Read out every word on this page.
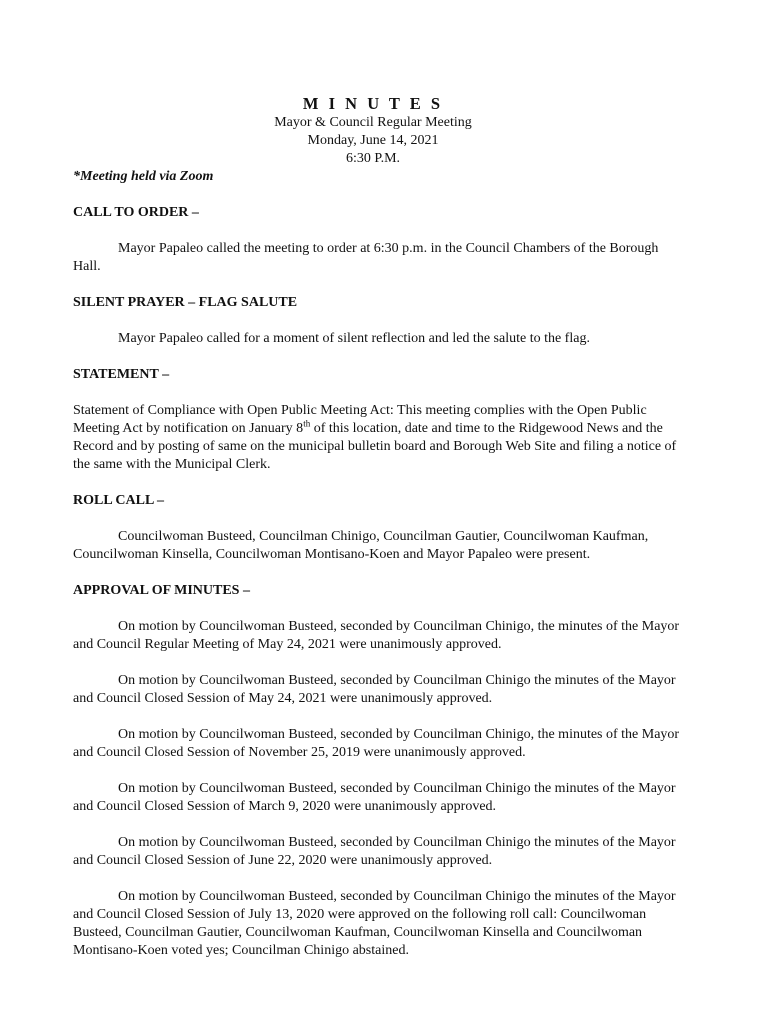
M I N U T E S
Mayor & Council Regular Meeting
Monday, June 14, 2021
6:30 P.M.
*Meeting held via Zoom
CALL TO ORDER –

Mayor Papaleo called the meeting to order at 6:30 p.m. in the Council Chambers of the Borough Hall.

SILENT PRAYER – FLAG SALUTE

Mayor Papaleo called for a moment of silent reflection and led the salute to the flag.

STATEMENT –

Statement of Compliance with Open Public Meeting Act: This meeting complies with the Open Public Meeting Act by notification on January 8th of this location, date and time to the Ridgewood News and the Record and by posting of same on the municipal bulletin board and Borough Web Site and filing a notice of the same with the Municipal Clerk.

ROLL CALL –

Councilwoman Busteed, Councilman Chinigo, Councilman Gautier, Councilwoman Kaufman, Councilwoman Kinsella, Councilwoman Montisano-Koen and Mayor Papaleo were present.

APPROVAL OF MINUTES –

On motion by Councilwoman Busteed, seconded by Councilman Chinigo, the minutes of the Mayor and Council Regular Meeting of May 24, 2021 were unanimously approved.

On motion by Councilwoman Busteed, seconded by Councilman Chinigo the minutes of the Mayor and Council Closed Session of May 24, 2021 were unanimously approved.

On motion by Councilwoman Busteed, seconded by Councilman Chinigo, the minutes of the Mayor and Council Closed Session of November 25, 2019 were unanimously approved.

On motion by Councilwoman Busteed, seconded by Councilman Chinigo the minutes of the Mayor and Council Closed Session of March 9, 2020 were unanimously approved.

On motion by Councilwoman Busteed, seconded by Councilman Chinigo the minutes of the Mayor and Council Closed Session of June 22, 2020 were unanimously approved.

On motion by Councilwoman Busteed, seconded by Councilman Chinigo the minutes of the Mayor and Council Closed Session of July 13, 2020 were approved on the following roll call: Councilwoman Busteed, Councilman Gautier, Councilwoman Kaufman, Councilwoman Kinsella and Councilwoman Montisano-Koen voted yes; Councilman Chinigo abstained.
